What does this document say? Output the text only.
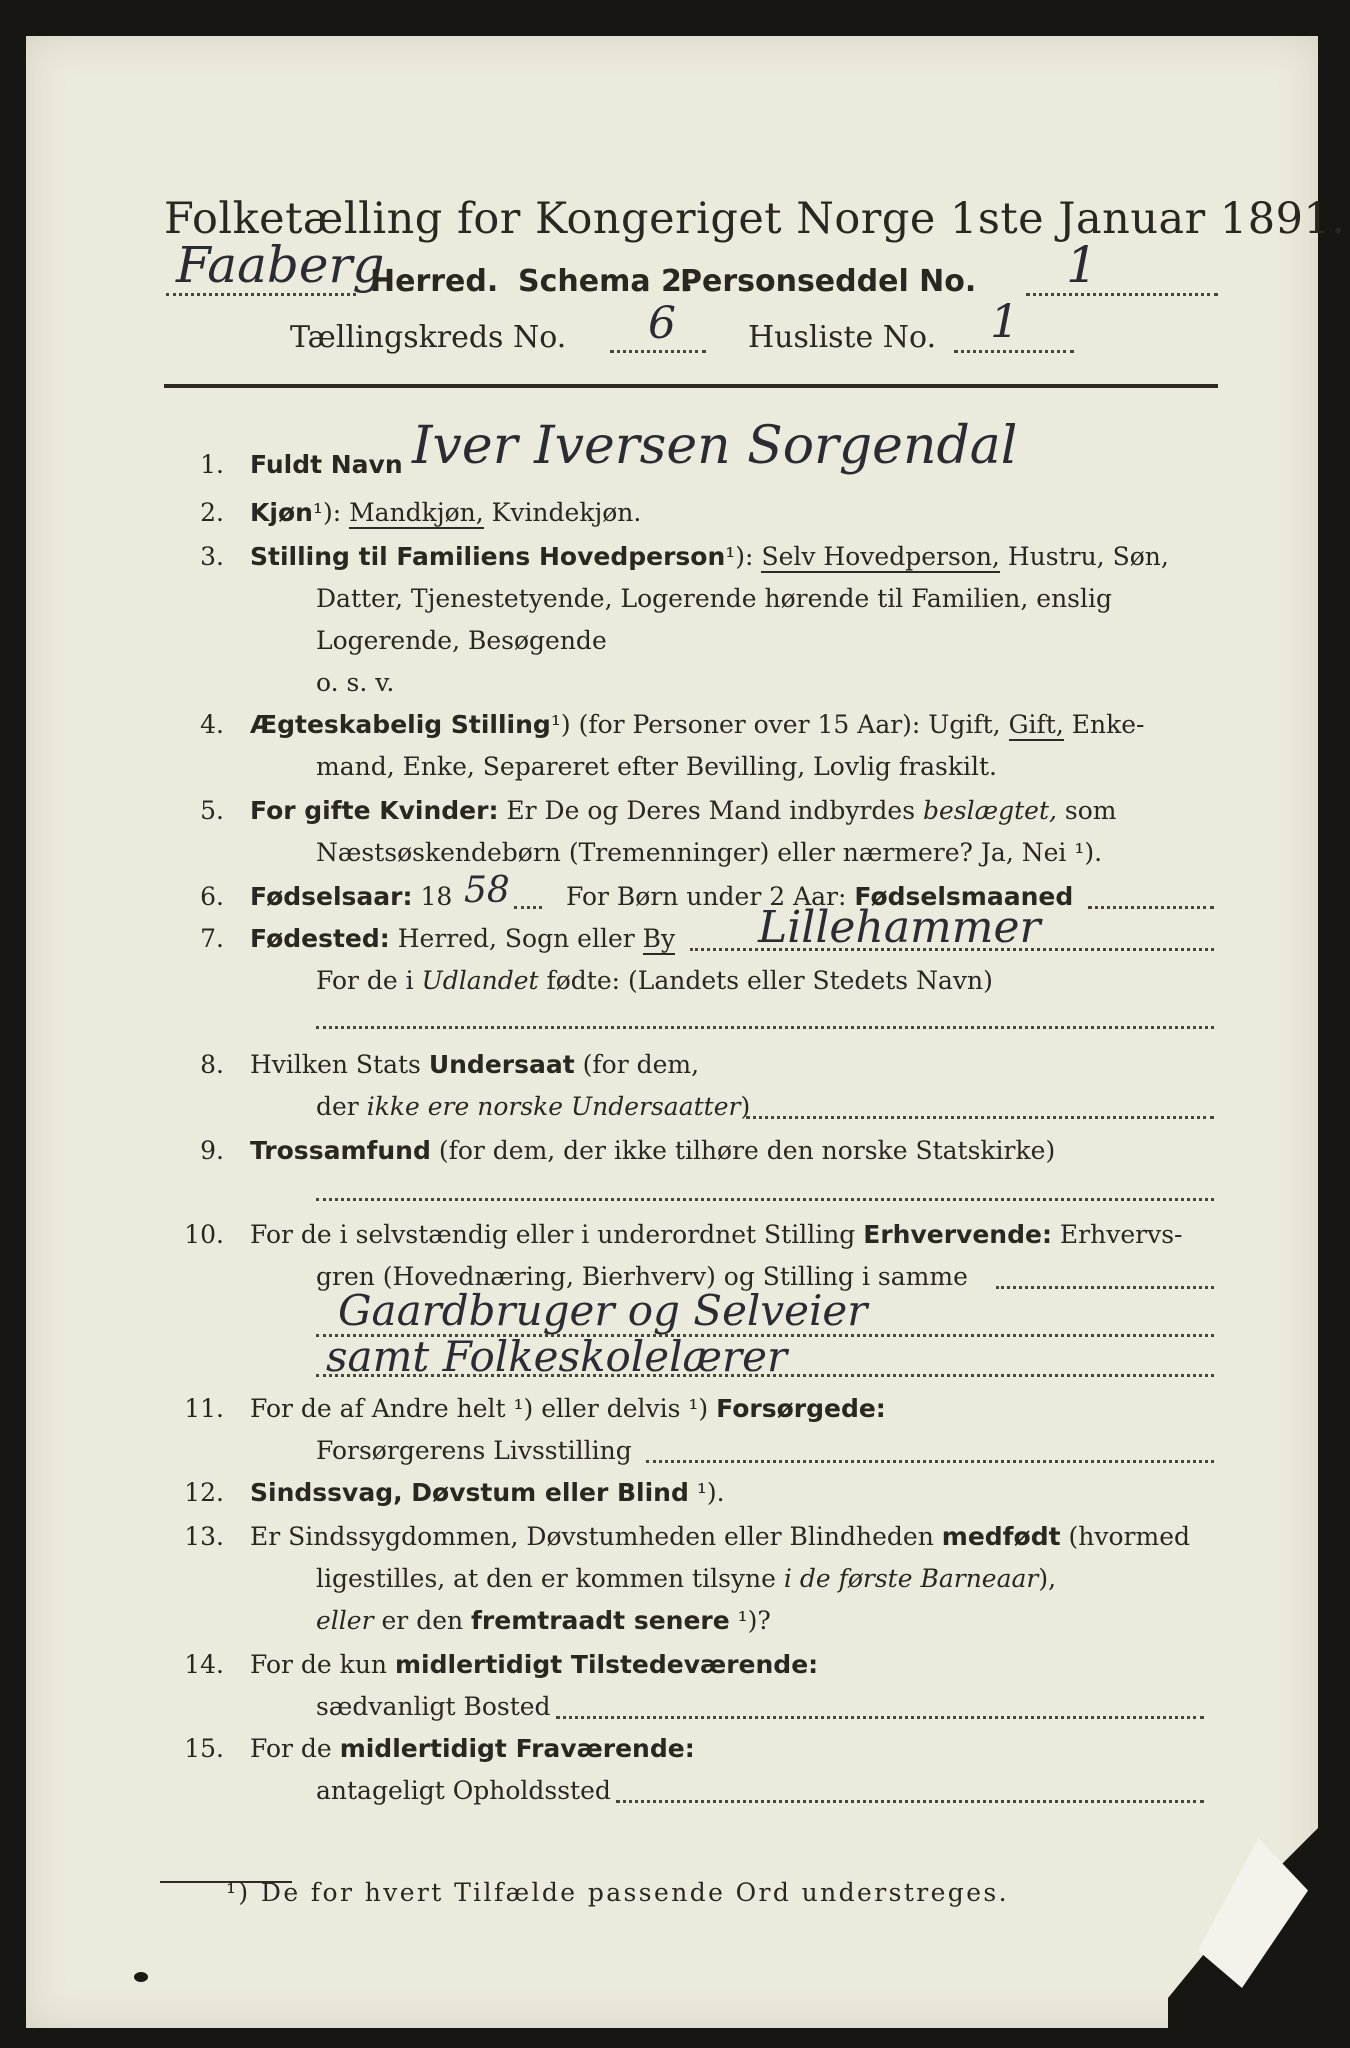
Folketælling for Kongeriget Norge 1ste Januar 1891.
Faaberg
Herred. Schema 2.
Personseddel No. 1
Tællingskreds No. 6 Husliste No. 1
1. Fuldt Navn Iver Iversen Sorgendal
2. Kjøn¹): Mandkjøn, Kvindekjøn.
3. Stilling til Familiens Hovedperson¹): Selv Hovedperson, Hustru, Søn,
Datter, Tjenestetyende, Logerende hørende til Familien, enslig
Logerende, Besøgende
o. s. v.
4. Ægteskabelig Stilling¹) (for Personer over 15 Aar): Ugift, Gift, Enke-
mand, Enke, Separeret efter Bevilling, Lovlig fraskilt.
5. For gifte Kvinder: Er De og Deres Mand indbyrdes beslægtet, som
Næstsøskendebørn (Tremenninger) eller nærmere? Ja, Nei ¹).
6. Fødselsaar: 18 58 For Børn under 2 Aar: Fødselsmaaned
7. Fødested: Herred, Sogn eller By Lillehammer
For de i Udlandet fødte: (Landets eller Stedets Navn)
8. Hvilken Stats Undersaat (for dem,
der ikke ere norske Undersaatter)
9. Trossamfund (for dem, der ikke tilhøre den norske Statskirke)
10. For de i selvstændig eller i underordnet Stilling Erhvervende: Erhvervs-
gren (Hovednæring, Bierhverv) og Stilling i samme
Gaardbruger og Selveier
samt Folkeskolelærer
11. For de af Andre helt ¹) eller delvis ¹) Forsørgede:
Forsørgerens Livsstilling
12. Sindssvag, Døvstum eller Blind ¹).
13. Er Sindssygdommen, Døvstumheden eller Blindheden medfødt (hvormed
ligestilles, at den er kommen tilsyne i de første Barneaar),
eller er den fremtraadt senere ¹)?
14. For de kun midlertidigt Tilstedeværende:
sædvanligt Bosted
15. For de midlertidigt Fraværende:
antageligt Opholdssted
¹) De for hvert Tilfælde passende Ord understreges.
